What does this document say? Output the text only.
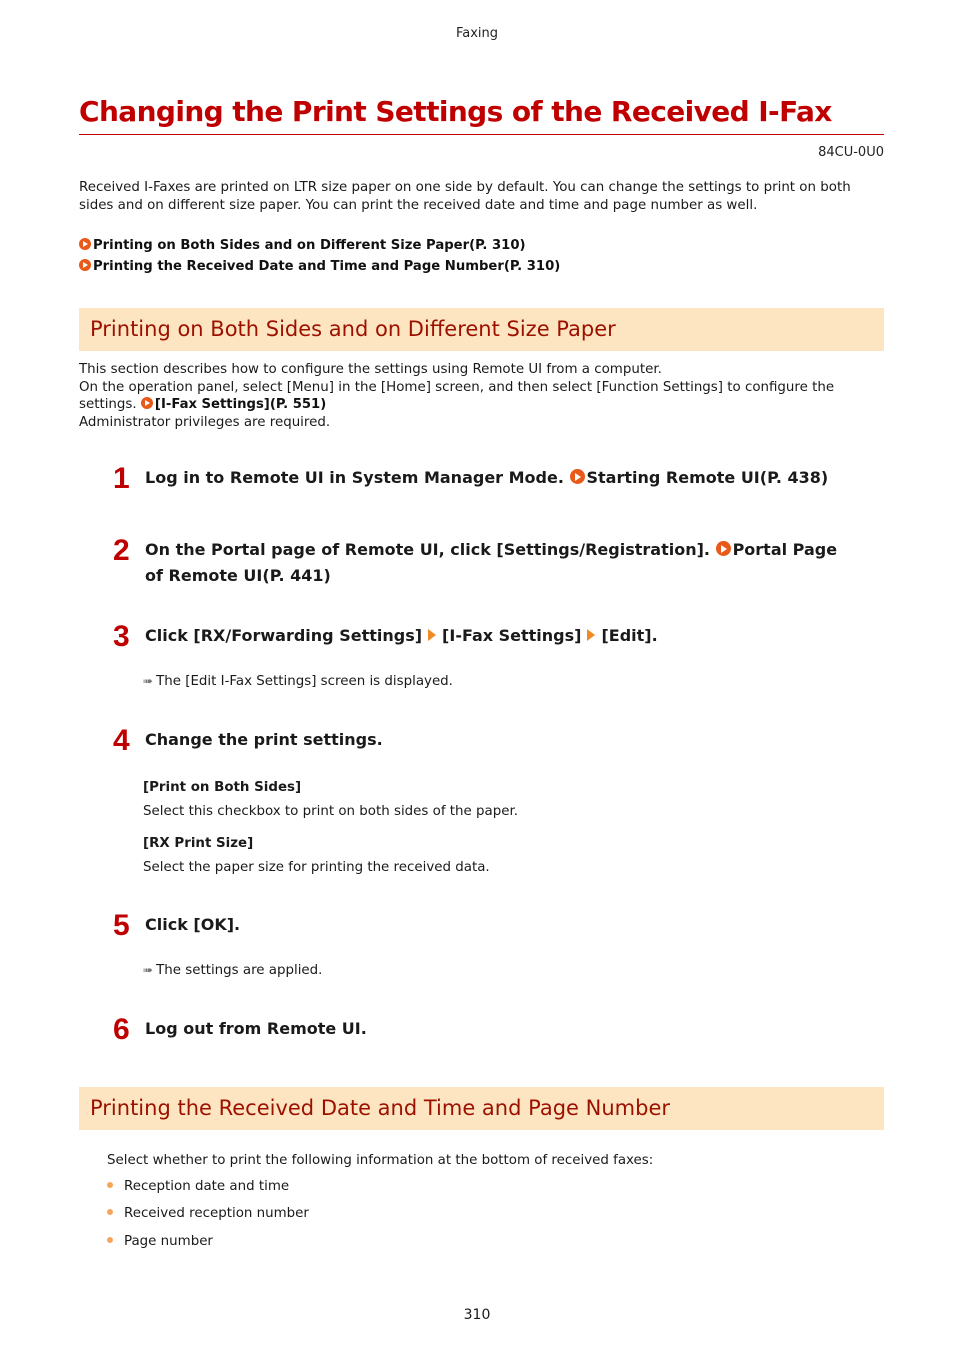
Faxing
Changing the Print Settings of the Received I-Fax
84CU-0U0
Received I-Faxes are printed on LTR size paper on one side by default. You can change the settings to print on both sides and on different size paper. You can print the received date and time and page number as well.
Printing on Both Sides and on Different Size Paper(P. 310)
Printing the Received Date and Time and Page Number(P. 310)
Printing on Both Sides and on Different Size Paper
This section describes how to configure the settings using Remote UI from a computer.
On the operation panel, select [Menu] in the [Home] screen, and then select [Function Settings] to configure the settings. [I-Fax Settings](P. 551)
Administrator privileges are required.
1 Log in to Remote UI in System Manager Mode. Starting Remote UI(P. 438)
2 On the Portal page of Remote UI, click [Settings/Registration]. Portal Page of Remote UI(P. 441)
3 Click [RX/Forwarding Settings] [I-Fax Settings] [Edit].
➠ The [Edit I-Fax Settings] screen is displayed.
4 Change the print settings.
[Print on Both Sides]
Select this checkbox to print on both sides of the paper.
[RX Print Size]
Select the paper size for printing the received data.
5 Click [OK].
➠ The settings are applied.
6 Log out from Remote UI.
Printing the Received Date and Time and Page Number
Select whether to print the following information at the bottom of received faxes:
Reception date and time
Received reception number
Page number
310
